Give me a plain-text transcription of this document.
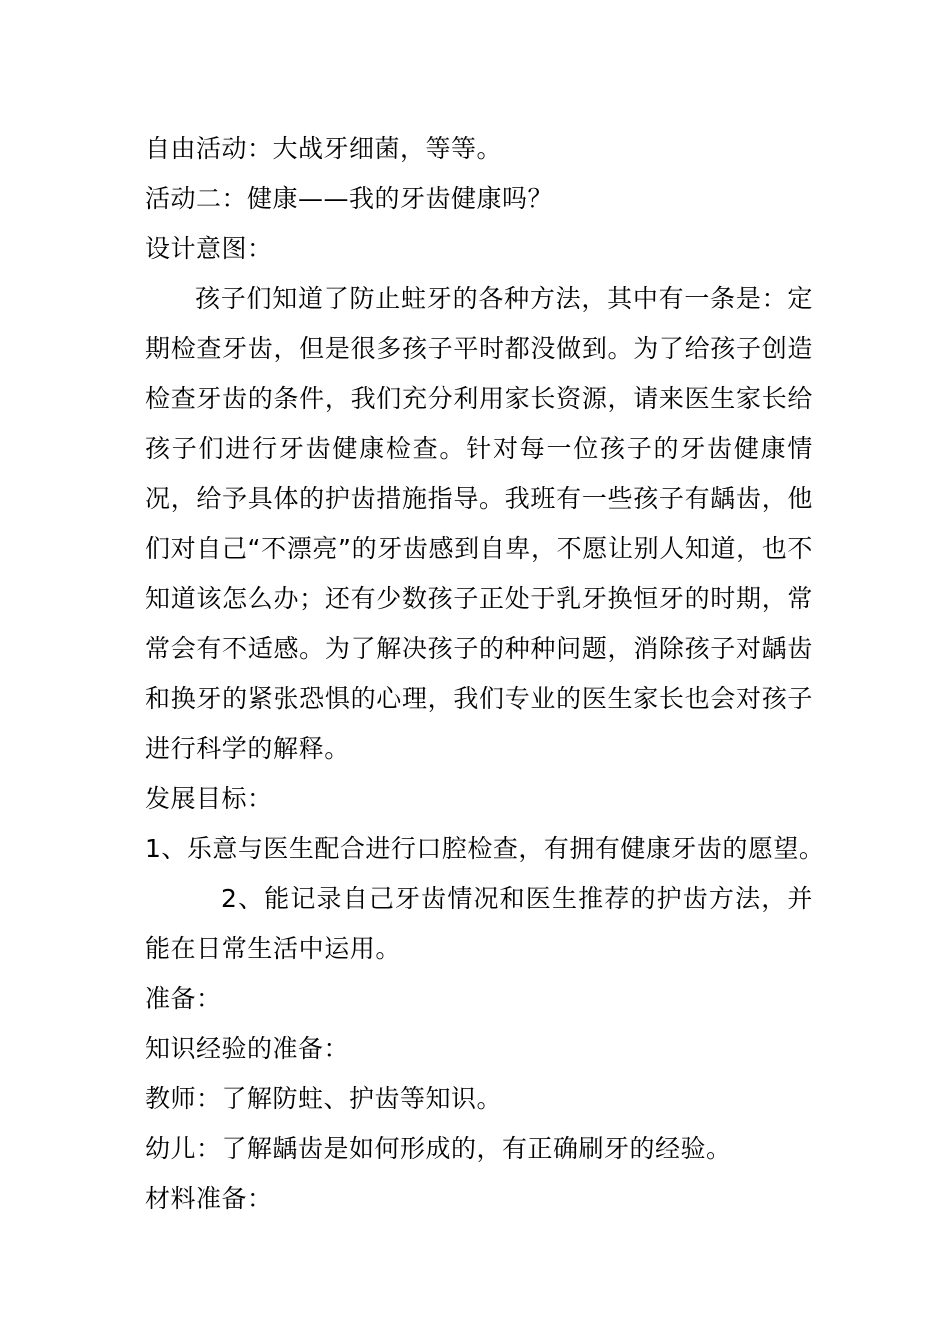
自由活动：大战牙细菌，等等。
活动二：健康——我的牙齿健康吗？
设计意图：
孩子们知道了防止蛀牙的各种方法，其中有一条是：定期检查牙齿，但是很多孩子平时都没做到。为了给孩子创造检查牙齿的条件，我们充分利用家长资源，请来医生家长给孩子们进行牙齿健康检查。针对每一位孩子的牙齿健康情况，给予具体的护齿措施指导。我班有一些孩子有龋齿，他们对自己“不漂亮”的牙齿感到自卑，不愿让别人知道，也不知道该怎么办；还有少数孩子正处于乳牙换恒牙的时期，常常会有不适感。为了解决孩子的种种问题，消除孩子对龋齿和换牙的紧张恐惧的心理，我们专业的医生家长也会对孩子进行科学的解释。
发展目标：
1、乐意与医生配合进行口腔检查，有拥有健康牙齿的愿望。
2、能记录自己牙齿情况和医生推荐的护齿方法，并能在日常生活中运用。
准备：
知识经验的准备：
教师：了解防蛀、护齿等知识。
幼儿：了解龋齿是如何形成的，有正确刷牙的经验。
材料准备：
